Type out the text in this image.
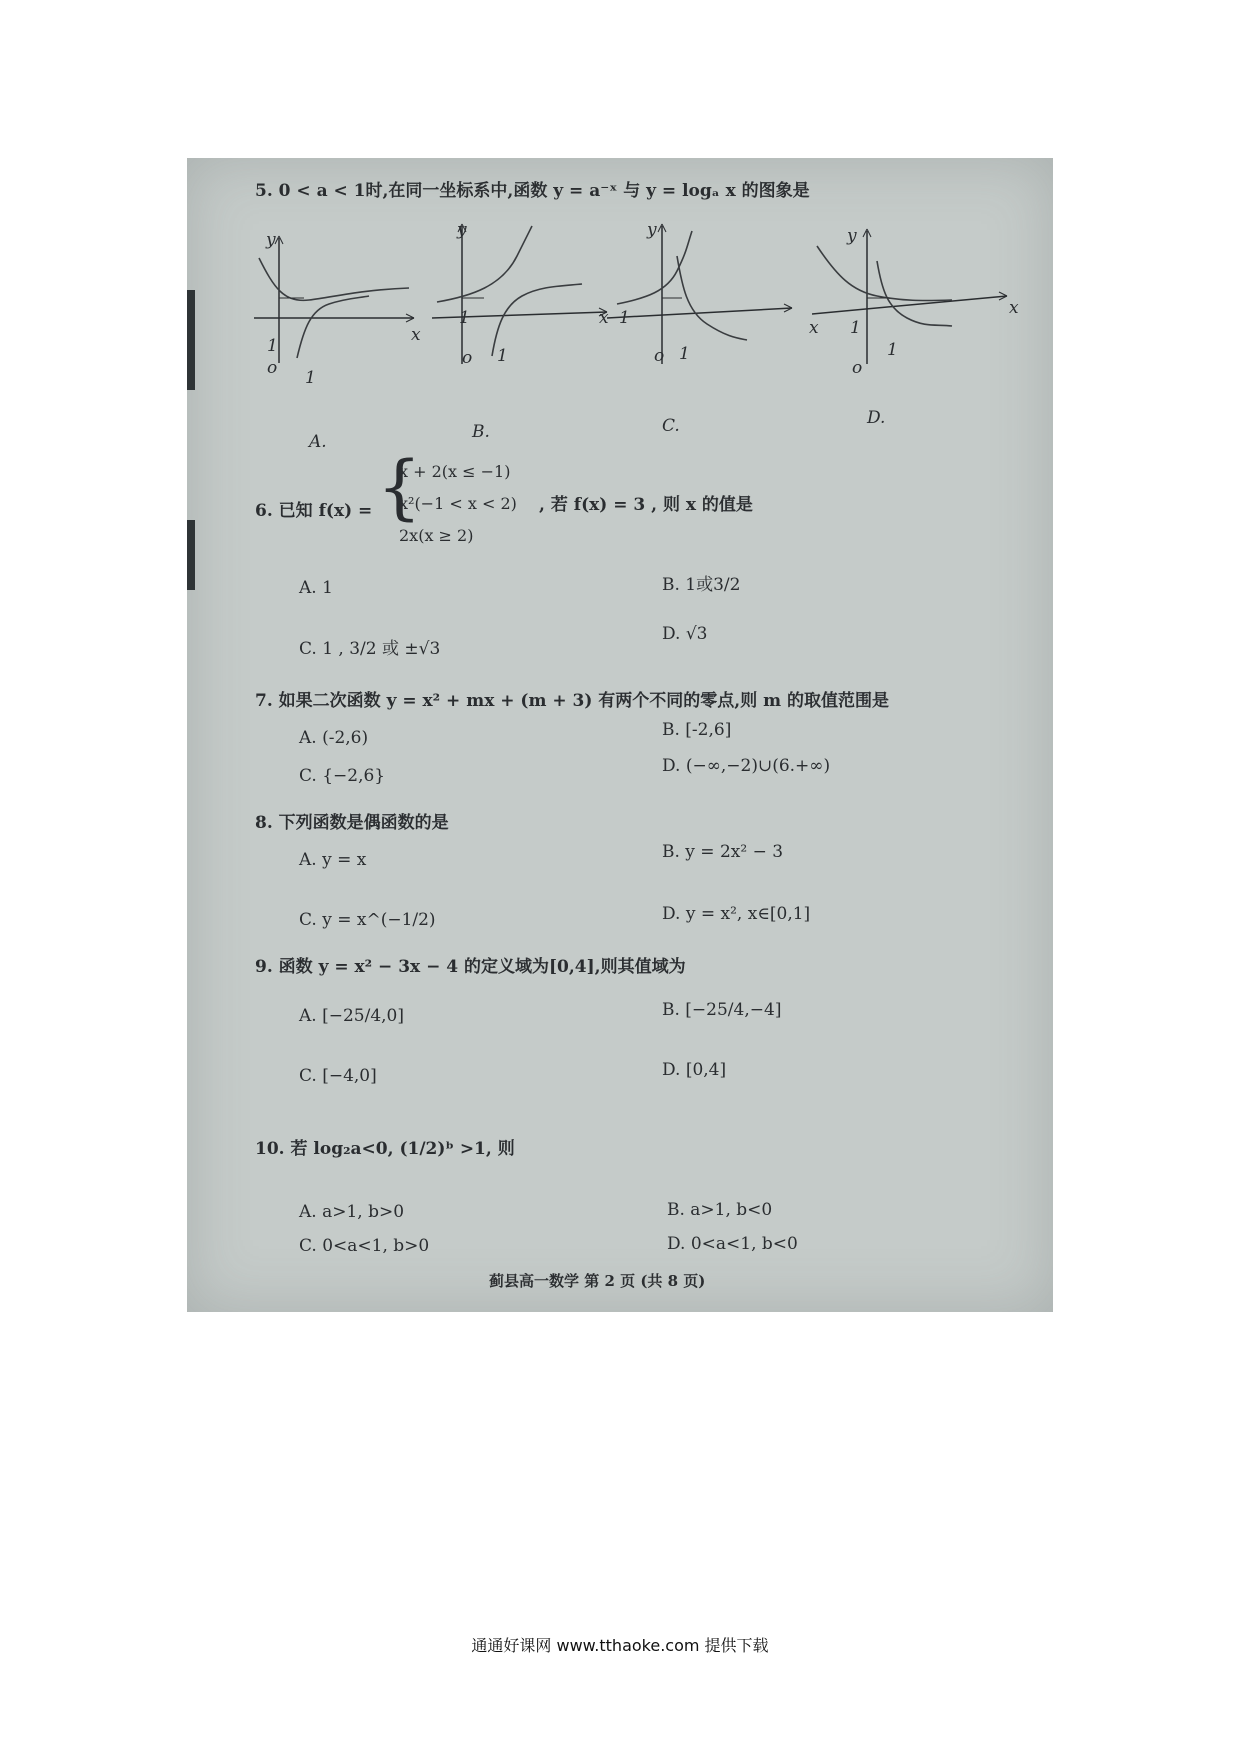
5. 0 < a < 1时,在同一坐标系中,函数 y = a⁻ˣ 与 y = logₐ x 的图象是
y
x
1
o 1
A.
y
x
1
o 1
B.
y
x
1
o 1
C.
y
x
1
o
1
D.
6. 已知 f(x) = {
x + 2(x ≤ −1)
x²(−1 < x < 2)
2x(x ≥ 2)
, 若 f(x) = 3 , 则 x 的值是
A. 1	B. 1或3/2
C. 1 , 3/2 或 ±√3
D. √3
7. 如果二次函数 y = x² + mx + (m + 3) 有两个不同的零点,则 m 的取值范围是
A. (-2,6)	B. [-2,6]
C. {−2,6}	D. (−∞,−2)∪(6.+∞)
8. 下列函数是偶函数的是
A. y = x	B. y = 2x² − 3
C. y = x^(−1/2)	D. y = x², x∈[0,1]
9. 函数 y = x² − 3x − 4 的定义域为[0,4],则其值域为
A. [−25/4,0]	B. [−25/4,−4]
C. [−4,0]	D. [0,4]
10. 若 log₂a<0, (1/2)ᵇ >1, 则
A. a>1, b>0	B. a>1, b<0
C. 0<a<1, b>0	D. 0<a<1, b<0
蓟县高一数学 第 2 页 (共 8 页)
通通好课网 www.tthaoke.com 提供下载
